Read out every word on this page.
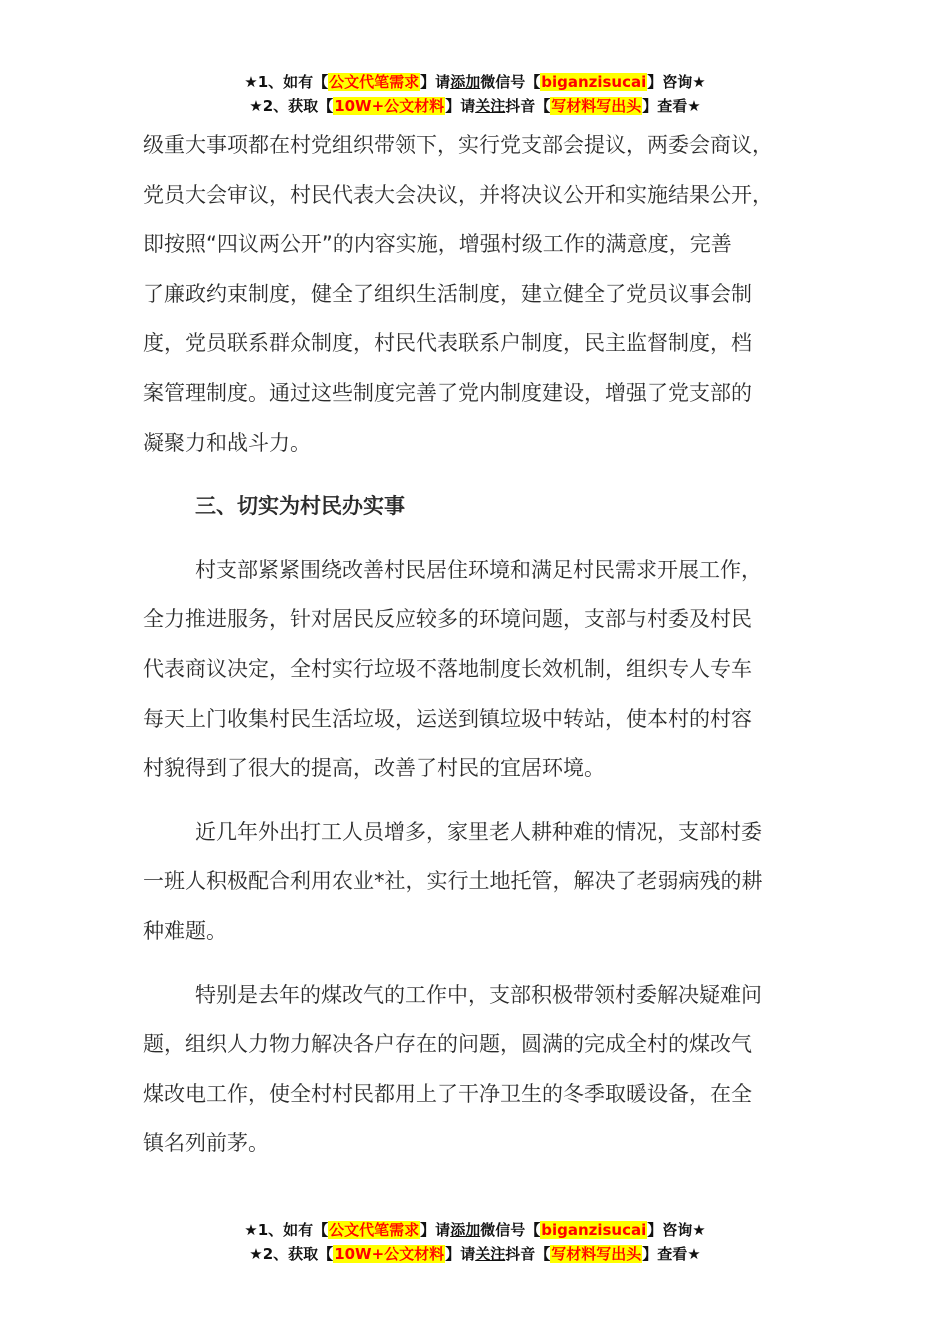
★1、如有【公文代笔需求】请添加微信号【biganzisucai】咨询★
★2、获取【10W+公文材料】请关注抖音【写材料写出头】查看★
级重大事项都在村党组织带领下，实行党支部会提议，两委会商议，
党员大会审议，村民代表大会决议，并将决议公开和实施结果公开，
即按照“四议两公开”的内容实施，增强村级工作的满意度，完善
了廉政约束制度，健全了组织生活制度，建立健全了党员议事会制
度，党员联系群众制度，村民代表联系户制度，民主监督制度，档
案管理制度。通过这些制度完善了党内制度建设，增强了党支部的
凝聚力和战斗力。
三、切实为村民办实事
村支部紧紧围绕改善村民居住环境和满足村民需求开展工作，
全力推进服务，针对居民反应较多的环境问题，支部与村委及村民
代表商议决定，全村实行垃圾不落地制度长效机制，组织专人专车
每天上门收集村民生活垃圾，运送到镇垃圾中转站，使本村的村容
村貌得到了很大的提高，改善了村民的宜居环境。
近几年外出打工人员增多，家里老人耕种难的情况，支部村委
一班人积极配合利用农业*社，实行土地托管，解决了老弱病残的耕
种难题。
特别是去年的煤改气的工作中，支部积极带领村委解决疑难问
题，组织人力物力解决各户存在的问题，圆满的完成全村的煤改气
煤改电工作，使全村村民都用上了干净卫生的冬季取暖设备，在全
镇名列前茅。
★1、如有【公文代笔需求】请添加微信号【biganzisucai】咨询★
★2、获取【10W+公文材料】请关注抖音【写材料写出头】查看★
